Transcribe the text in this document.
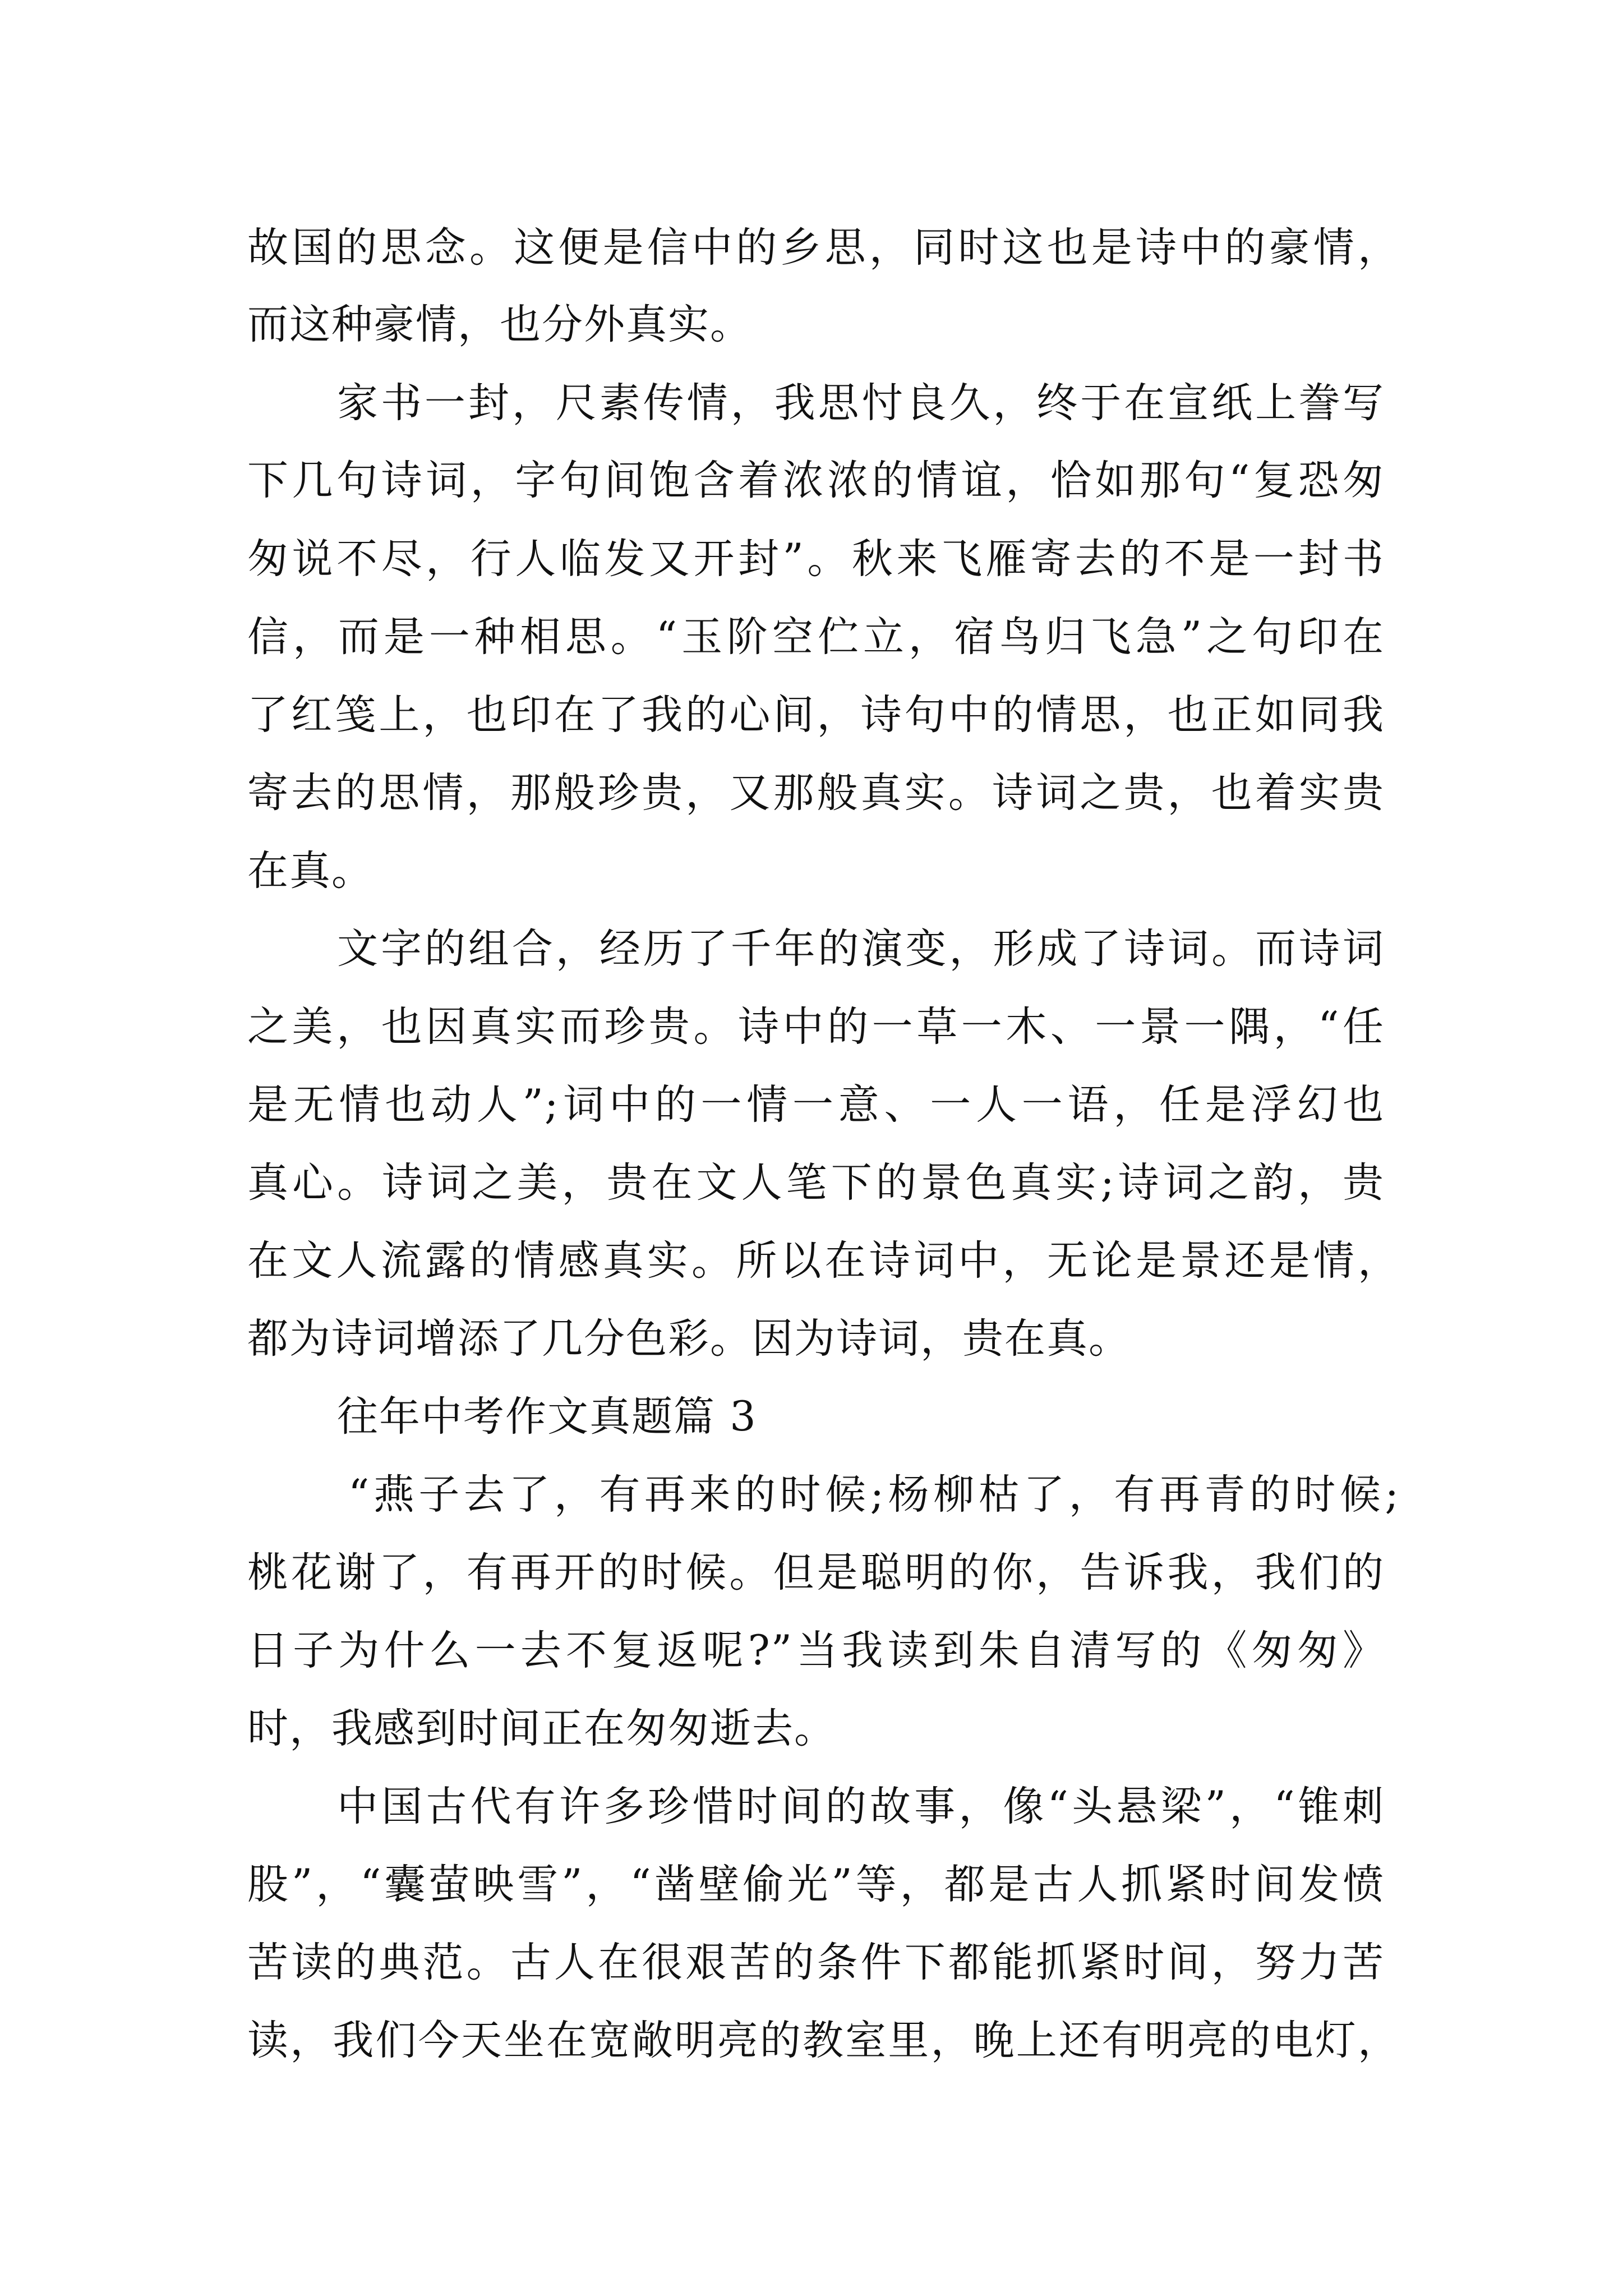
故国的思念。这便是信中的乡思，同时这也是诗中的豪情，
而这种豪情，也分外真实。
家书一封，尺素传情，我思忖良久，终于在宣纸上誊写
下几句诗词，字句间饱含着浓浓的情谊，恰如那句“复恐匆
匆说不尽，行人临发又开封”。秋来飞雁寄去的不是一封书
信，而是一种相思。“玉阶空伫立，宿鸟归飞急”之句印在
了红笺上，也印在了我的心间，诗句中的情思，也正如同我
寄去的思情，那般珍贵，又那般真实。诗词之贵，也着实贵
在真。
文字的组合，经历了千年的演变，形成了诗词。而诗词
之美，也因真实而珍贵。诗中的一草一木、一景一隅，“任
是无情也动人”;词中的一情一意、一人一语，任是浮幻也
真心。诗词之美，贵在文人笔下的景色真实;诗词之韵，贵
在文人流露的情感真实。所以在诗词中，无论是景还是情，
都为诗词增添了几分色彩。因为诗词，贵在真。
往年中考作文真题篇 3
“燕子去了，有再来的时候;杨柳枯了，有再青的时候;
桃花谢了，有再开的时候。但是聪明的你，告诉我，我们的
日子为什么一去不复返呢?”当我读到朱自清写的《匆匆》
时，我感到时间正在匆匆逝去。
中国古代有许多珍惜时间的故事，像“头悬梁”，“锥刺
股”，“囊萤映雪”，“凿壁偷光”等，都是古人抓紧时间发愤
苦读的典范。古人在很艰苦的条件下都能抓紧时间，努力苦
读，我们今天坐在宽敞明亮的教室里，晚上还有明亮的电灯，
